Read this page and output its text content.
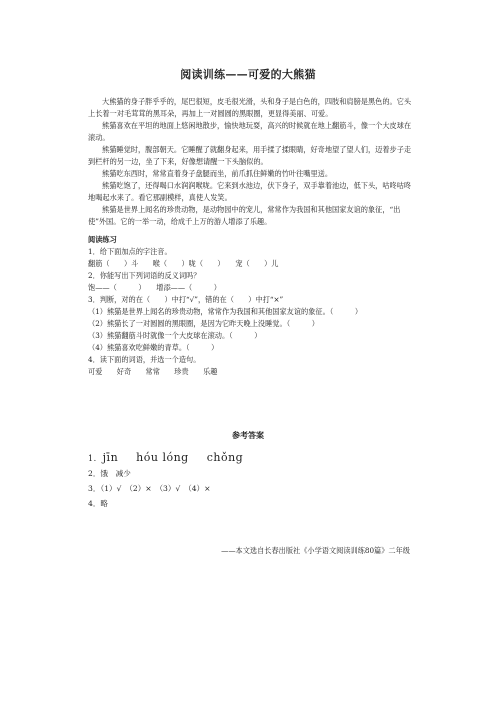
阅读训练——可爱的大熊猫

大熊猫的身子胖乎乎的，尾巴很短，皮毛很光滑，头和身子是白色的，四肢和肩膀是黑色的。它头上长着一对毛茸茸的黑耳朵，再加上一对圆圆的黑眼圈，更显得美丽、可爱。

熊猫喜欢在平坦的地面上悠闲地散步，愉快地玩耍，高兴的时候就在地上翻筋斗，像一个大皮球在滚动。

熊猫睡觉时，腹部朝天。它睡醒了就翻身起来，用手揉了揉眼睛，好奇地望了望人们，迈着步子走到栏杆的另一边，坐了下来，好像想请醒一下头脑似的。

熊猫吃东西时，常常直着身子盘腿而坐，前爪抓住鲜嫩的竹叶往嘴里送。

熊猫吃饱了，还得喝口水润润喉咙。它来到水池边，伏下身子，双手靠着池边，低下头，咕咚咕咚地喝起水来了。看它那副模样，真使人发笑。

熊猫是世界上闻名的珍贵动物，是动物园中的宠儿，常常作为我国和其他国家友谊的象征，“出使”外国。它的一举一动，给成千上万的游人增添了乐趣。

阅读练习
1．给下面加点的字注音。
翻筋（　　）斗　　喉（　　）咙（　　）　　宠（　　）儿
2．你能写出下列词语的反义词吗？
饱——（　　　）　　增添——（　　　）
3．判断，对的在（　　）中打“√”，错的在（　　）中打“×”
（1）熊猫是世界上闻名的珍贵动物，常常作为我国和其他国家友谊的象征。（　　　）
（2）熊猫长了一对圆圆的黑眼圈，是因为它昨天晚上没睡觉。（　　　）
（3）熊猫翻筋斗时就像一个大皮球在滚动。（　　　）
（4）熊猫喜欢吃鲜嫩的青草。（　　　）
4．读下面的词语，并选一个造句。
可爱　　好奇　　常常　　珍贵　　乐趣
参考答案
1. jīn hóu lóng chǒng
2．饿　减少
3．（1）√　（2）×　（3）√　（4）×
4．略
——本文选自长春出版社《小学语文阅读训练80篇》二年级
